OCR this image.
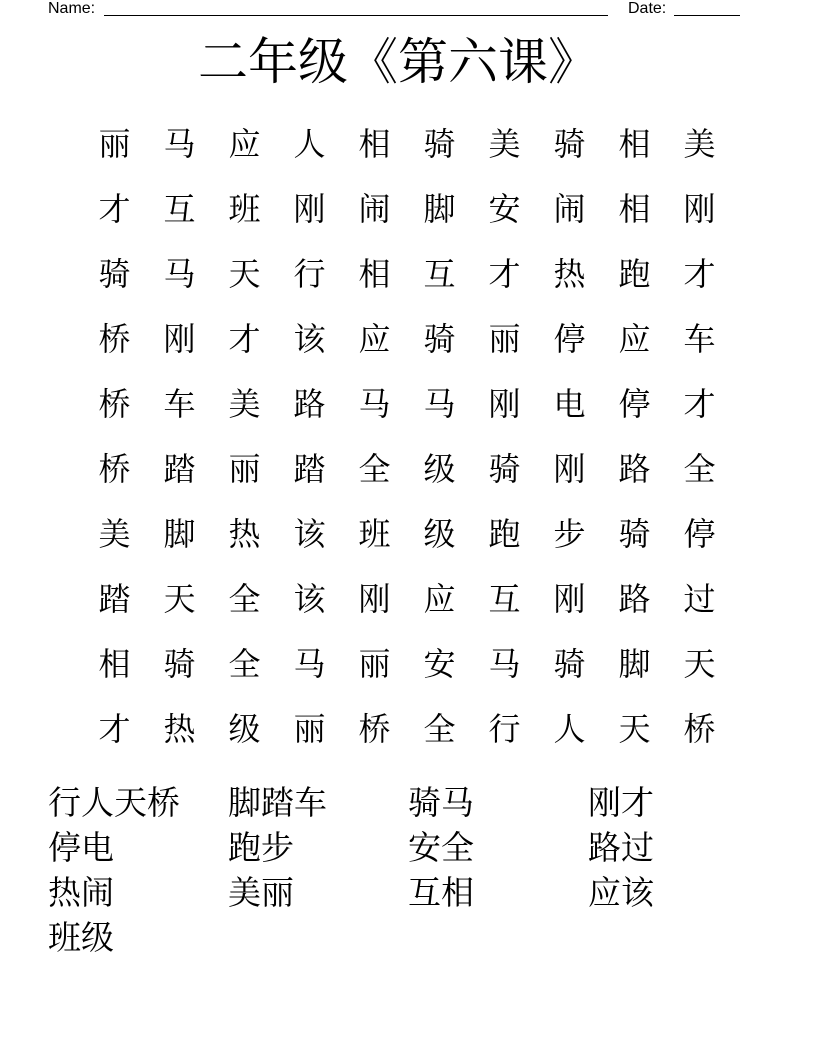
Name:	Date:
二年级《第六课》
丽	马	应	人	相	骑	美	骑	相	美
才	互	班	刚	闹	脚	安	闹	相	刚
骑	马	天	行	相	互	才	热	跑	才
桥	刚	才	该	应	骑	丽	停	应	车
桥	车	美	路	马	马	刚	电	停	才
桥	踏	丽	踏	全	级	骑	刚	路	全
美	脚	热	该	班	级	跑	步	骑	停
踏	天	全	该	刚	应	互	刚	路	过
相	骑	全	马	丽	安	马	骑	脚	天
才	热	级	丽	桥	全	行	人	天	桥
行人天桥	脚踏车	骑马	刚才
停电	跑步	安全	路过
热闹	美丽	互相	应该
班级
